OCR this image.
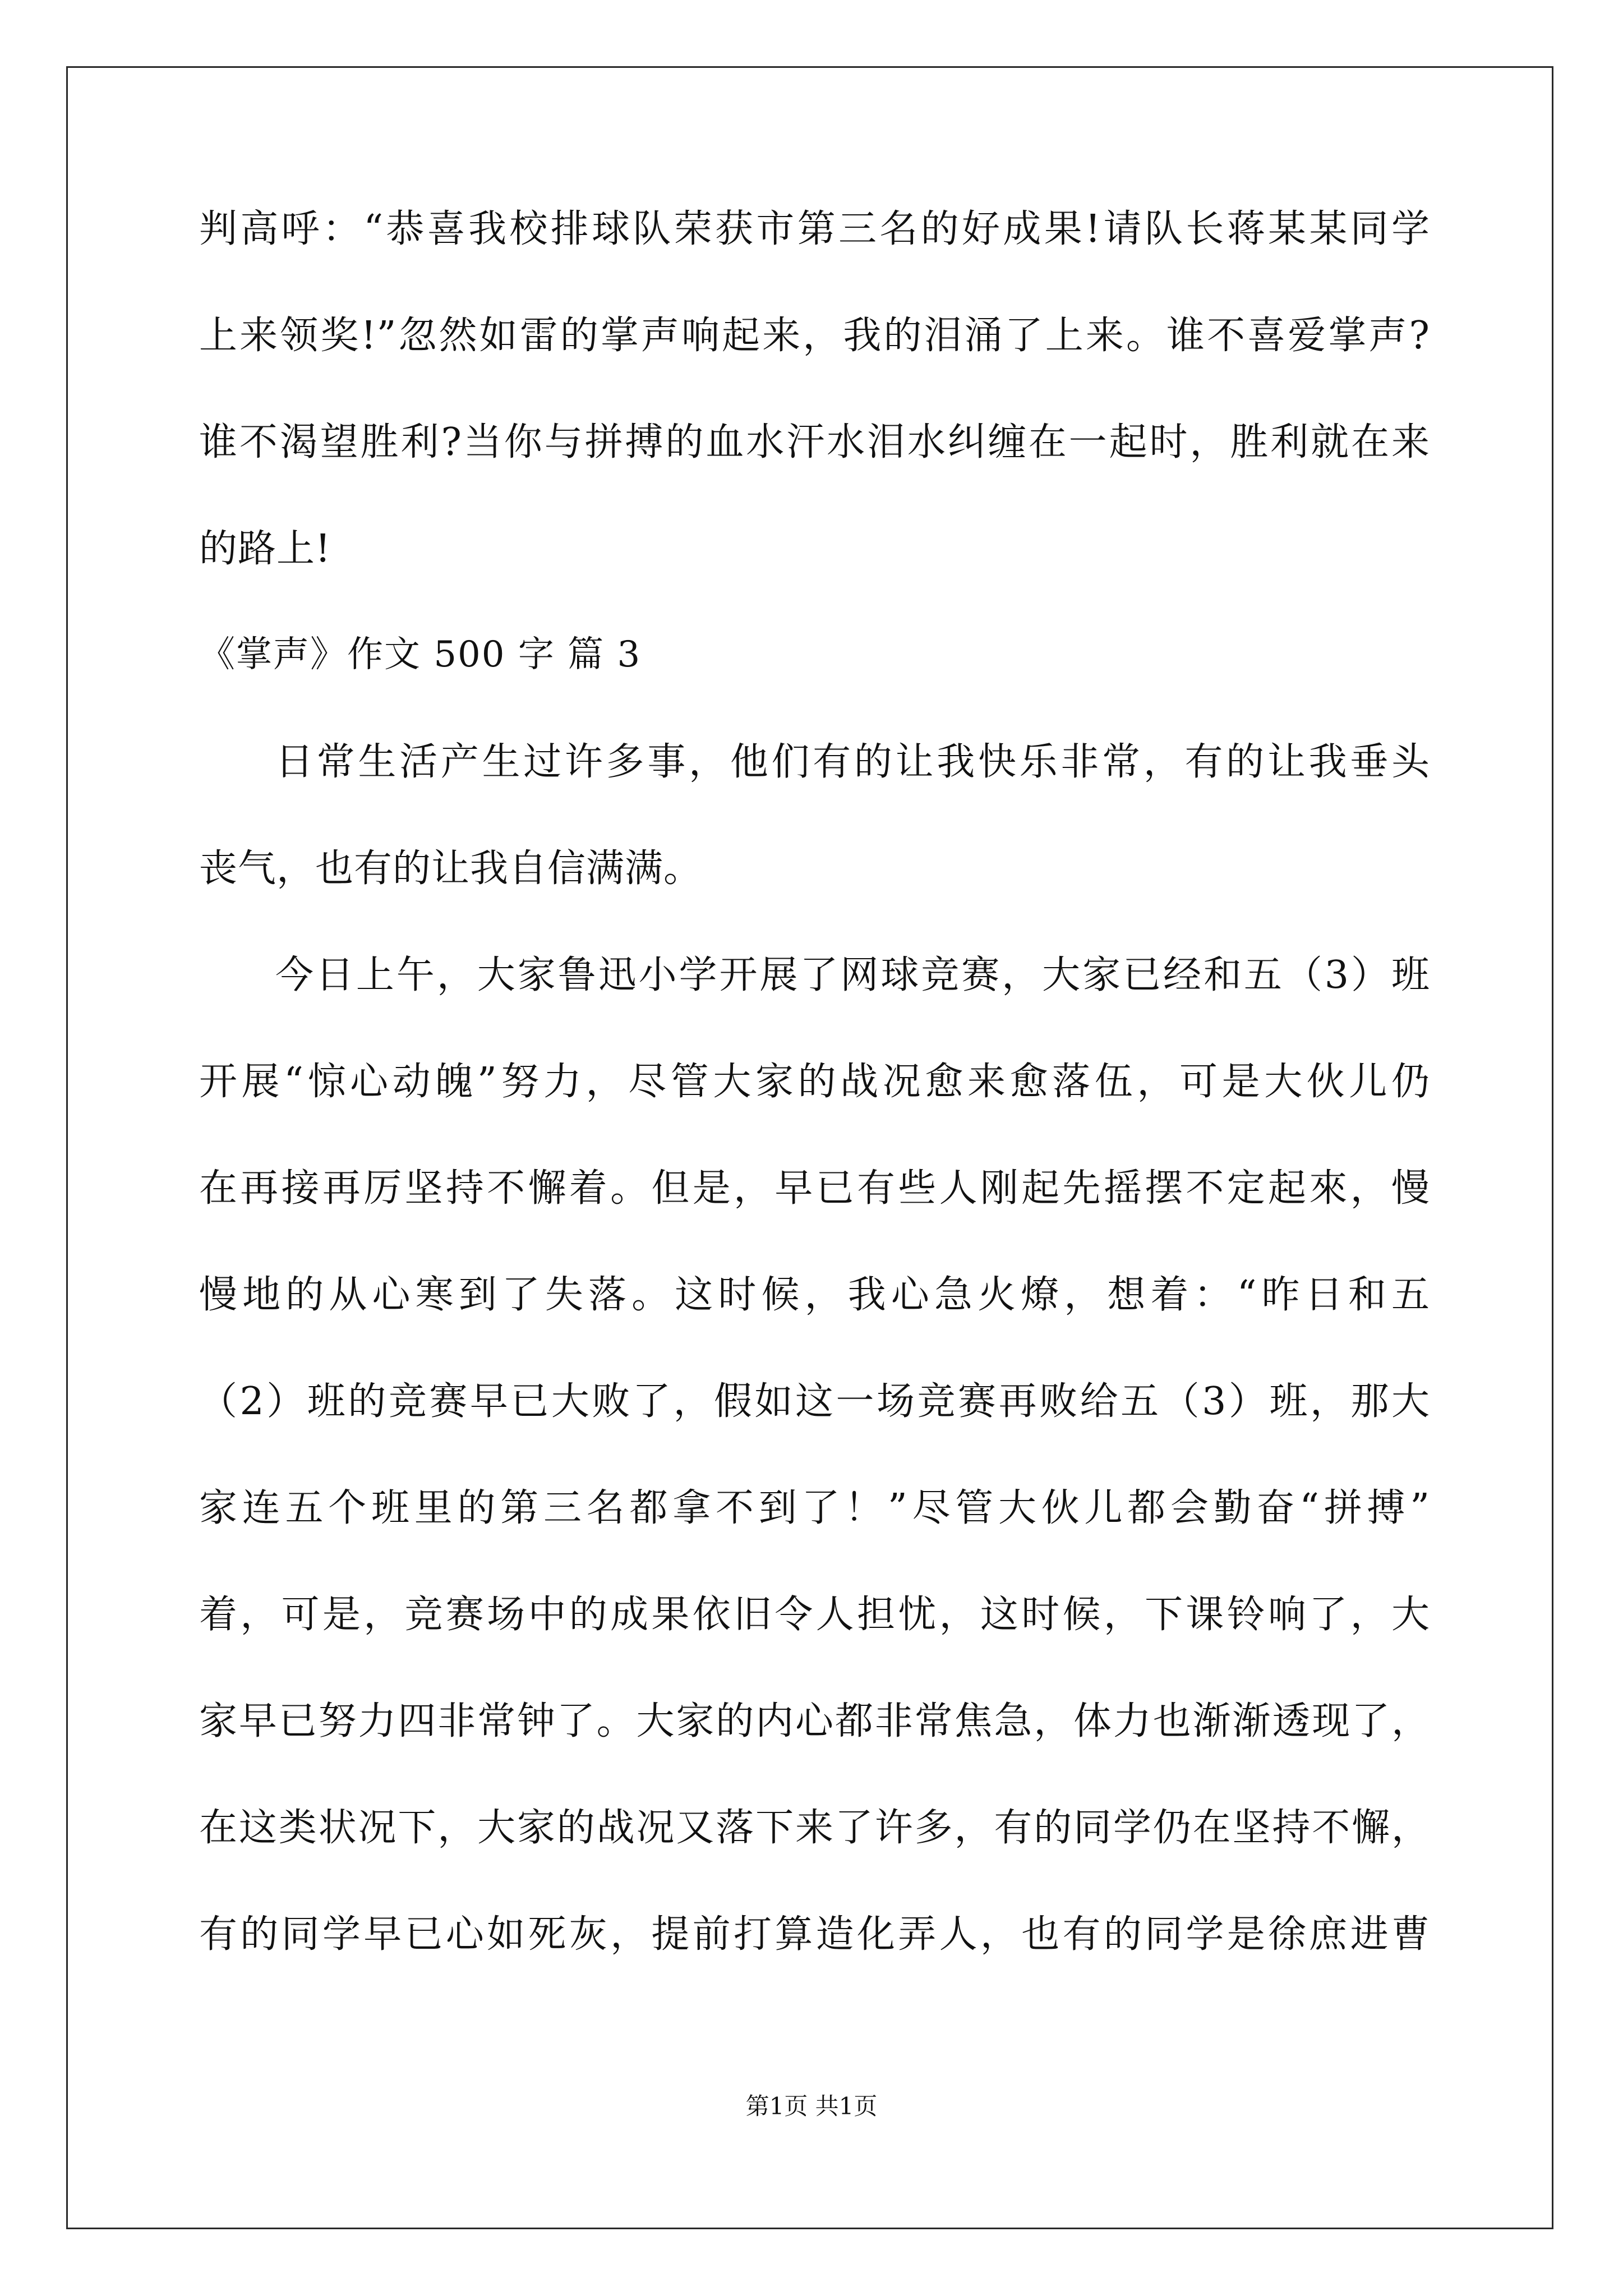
判高呼：“恭喜我校排球队荣获市第三名的好成果!请队长蒋某某同学
上来领奖!”忽然如雷的掌声响起来，我的泪涌了上来。谁不喜爱掌声?
谁不渴望胜利?当你与拼搏的血水汗水泪水纠缠在一起时，胜利就在来
的路上!
《掌声》作文 500 字 篇 3
日常生活产生过许多事，他们有的让我快乐非常，有的让我垂头
丧气，也有的让我自信满满。
今日上午，大家鲁迅小学开展了网球竞赛，大家已经和五（3）班
开展“惊心动魄”努力，尽管大家的战况愈来愈落伍，可是大伙儿仍
在再接再厉坚持不懈着。但是，早已有些人刚起先摇摆不定起來，慢
慢地的从心寒到了失落。这时候，我心急火燎，想着：“昨日和五
（2）班的竞赛早已大败了，假如这一场竞赛再败给五（3）班，那大
家连五个班里的第三名都拿不到了！”尽管大伙儿都会勤奋“拼搏”
着，可是，竞赛场中的成果依旧令人担忧，这时候，下课铃响了，大
家早已努力四非常钟了。大家的内心都非常焦急，体力也渐渐透现了，
在这类状况下，大家的战况又落下来了许多，有的同学仍在坚持不懈，
有的同学早已心如死灰，提前打算造化弄人，也有的同学是徐庶进曹
第1页 共1页
